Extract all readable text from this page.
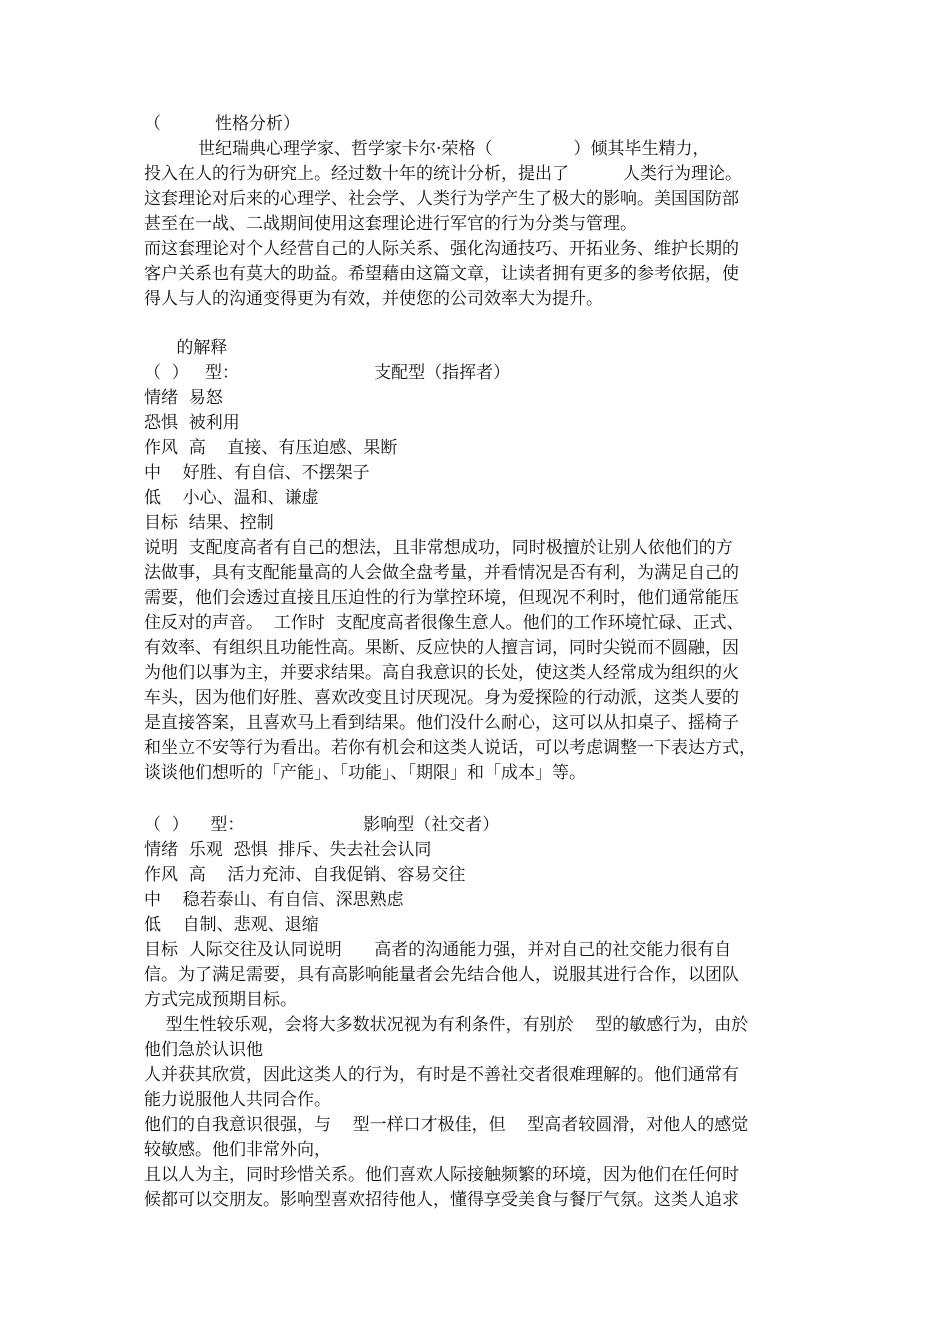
（          性格分析）
世纪瑞典心理学家、哲学家卡尔·荣格（               ）倾其毕生精力，
投入在人的行为研究上。经过数十年的统计分析，提出了          人类行为理论。
这套理论对后来的心理学、社会学、人类行为学产生了极大的影响。美国国防部
甚至在一战、二战期间使用这套理论进行军官的行为分类与管理。
而这套理论对个人经营自己的人际关系、强化沟通技巧、开拓业务、维护长期的
客户关系也有莫大的助益。希望藉由这篇文章，让读者拥有更多的参考依据，使
得人与人的沟通变得更为有效，并使您的公司效率大为提升。
的解释
（  ）   型：                         支配型（指挥者）
情绪  易怒
恐惧  被利用
作风  高    直接、有压迫感、果断
中    好胜、有自信、不摆架子
低    小心、温和、谦虚
目标  结果、控制
说明  支配度高者有自己的想法，且非常想成功，同时极擅於让别人依他们的方
法做事，具有支配能量高的人会做全盘考量，并看情况是否有利，为满足自己的
需要，他们会透过直接且压迫性的行为掌控环境，但现况不利时，他们通常能压
住反对的声音。  工作时  支配度高者很像生意人。他们的工作环境忙碌、正式、
有效率、有组织且功能性高。果断、反应快的人擅言词，同时尖锐而不圆融，因
为他们以事为主，并要求结果。高自我意识的长处，使这类人经常成为组织的火
车头，因为他们好胜、喜欢改变且讨厌现况。身为爱探险的行动派，这类人要的
是直接答案，且喜欢马上看到结果。他们没什么耐心，这可以从扣桌子、摇椅子
和坐立不安等行为看出。若你有机会和这类人说话，可以考虑调整一下表达方式，
谈谈他们想听的「产能」、「功能」、「期限」和「成本」等。
（  ）    型：                      影响型（社交者）
情绪  乐观  恐惧  排斥、失去社会认同
作风  高    活力充沛、自我促销、容易交往
中    稳若泰山、有自信、深思熟虑
低    自制、悲观、退缩
目标  人际交往及认同说明      高者的沟通能力强，并对自己的社交能力很有自
信。为了满足需要，具有高影响能量者会先结合他人，说服其进行合作，以团队
方式完成预期目标。
型生性较乐观，会将大多数状况视为有利条件，有别於    型的敏感行为，由於
他们急於认识他
人并获其欣赏，因此这类人的行为，有时是不善社交者很难理解的。他们通常有
能力说服他人共同合作。
他们的自我意识很强，与    型一样口才极佳，但    型高者较圆滑，对他人的感觉
较敏感。他们非常外向，
且以人为主，同时珍惜关系。他们喜欢人际接触频繁的环境，因为他们在任何时
候都可以交朋友。影响型喜欢招待他人，懂得享受美食与餐厅气氛。这类人追求
